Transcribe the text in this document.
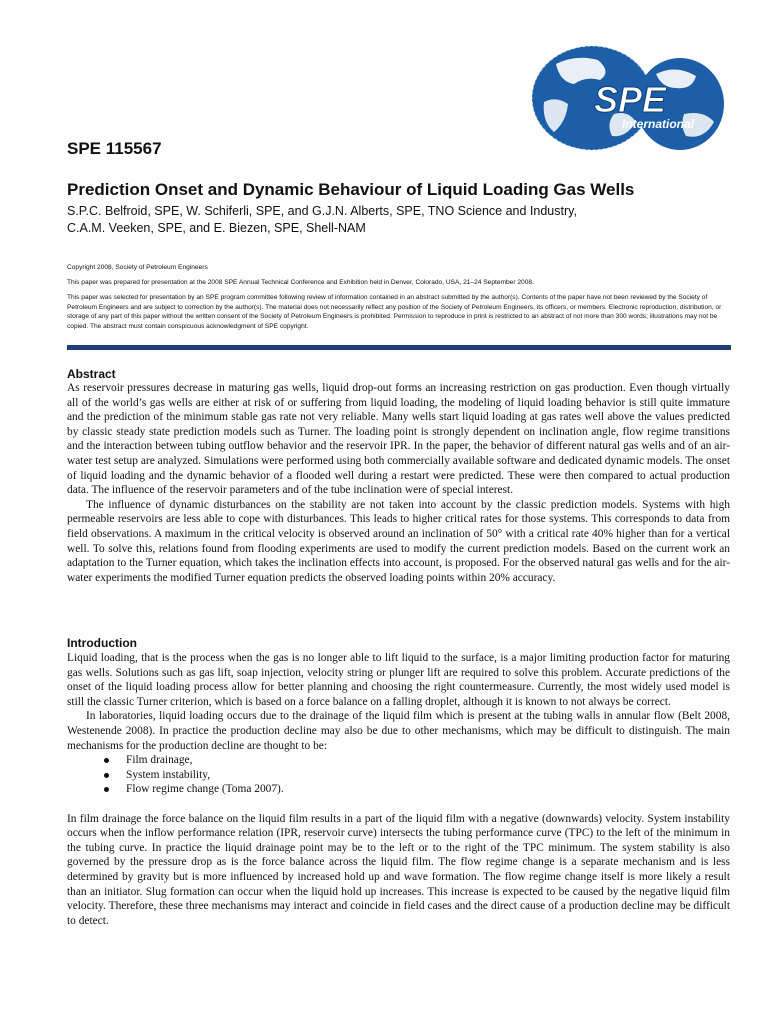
SPE
International
SPE 115567
Prediction Onset and Dynamic Behaviour of Liquid Loading Gas Wells
S.P.C. Belfroid, SPE, W. Schiferli, SPE, and G.J.N. Alberts, SPE, TNO Science and Industry,
C.A.M. Veeken, SPE, and E. Biezen, SPE, Shell-NAM

Copyright 2008, Society of Petroleum Engineers

This paper was prepared for presentation at the 2008 SPE Annual Technical Conference and Exhibition held in Denver, Colorado, USA, 21–24 September 2008.

This paper was selected for presentation by an SPE program committee following review of information contained in an abstract submitted by the author(s). Contents of the paper have not been reviewed by the Society of Petroleum Engineers and are subject to correction by the author(s). The material does not necessarily reflect any position of the Society of Petroleum Engineers, its officers, or members. Electronic reproduction, distribution, or storage of any part of this paper without the written consent of the Society of Petroleum Engineers is prohibited. Permission to reproduce in print is restricted to an abstract of not more than 300 words; illustrations may not be copied. The abstract must contain conspicuous acknowledgment of SPE copyright.

Abstract

As reservoir pressures decrease in maturing gas wells, liquid drop-out forms an increasing restriction on gas production. Even though virtually all of the world’s gas wells are either at risk of or suffering from liquid loading, the modeling of liquid loading behavior is still quite immature and the prediction of the minimum stable gas rate not very reliable. Many wells start liquid loading at gas rates well above the values predicted by classic steady state prediction models such as Turner. The loading point is strongly dependent on inclination angle, flow regime transitions and the interaction between tubing outflow behavior and the reservoir IPR. In the paper, the behavior of different natural gas wells and of an air-water test setup are analyzed. Simulations were performed using both commercially available software and dedicated dynamic models. The onset of liquid loading and the dynamic behavior of a flooded well during a restart were predicted. These were then compared to actual production data. The influence of the reservoir parameters and of the tube inclination were of special interest.

The influence of dynamic disturbances on the stability are not taken into account by the classic prediction models. Systems with high permeable reservoirs are less able to cope with disturbances. This leads to higher critical rates for those systems. This corresponds to data from field observations. A maximum in the critical velocity is observed around an inclination of 50° with a critical rate 40% higher than for a vertical well. To solve this, relations found from flooding experiments are used to modify the current prediction models. Based on the current work an adaptation to the Turner equation, which takes the inclination effects into account, is proposed. For the observed natural gas wells and for the air-water experiments the modified Turner equation predicts the observed loading points within 20% accuracy.

Introduction

Liquid loading, that is the process when the gas is no longer able to lift liquid to the surface, is a major limiting production factor for maturing gas wells. Solutions such as gas lift, soap injection, velocity string or plunger lift are required to solve this problem. Accurate predictions of the onset of the liquid loading process allow for better planning and choosing the right countermeasure. Currently, the most widely used model is still the classic Turner criterion, which is based on a force balance on a falling droplet, although it is known to not always be correct.

In laboratories, liquid loading occurs due to the drainage of the liquid film which is present at the tubing walls in annular flow (Belt 2008, Westenende 2008). In practice the production decline may also be due to other mechanisms, which may be difficult to distinguish. The main mechanisms for the production decline are thought to be:

Film drainage,
System instability,
Flow regime change (Toma 2007).

In film drainage the force balance on the liquid film results in a part of the liquid film with a negative (downwards) velocity. System instability occurs when the inflow performance relation (IPR, reservoir curve) intersects the tubing performance curve (TPC) to the left of the minimum in the tubing curve. In practice the liquid drainage point may be to the left or to the right of the TPC minimum. The system stability is also governed by the pressure drop as is the force balance across the liquid film. The flow regime change is a separate mechanism and is less determined by gravity but is more influenced by increased hold up and wave formation. The flow regime change itself is more likely a result than an initiator. Slug formation can occur when the liquid hold up increases. This increase is expected to be caused by the negative liquid film velocity. Therefore, these three mechanisms may interact and coincide in field cases and the direct cause of a production decline may be difficult to detect.
